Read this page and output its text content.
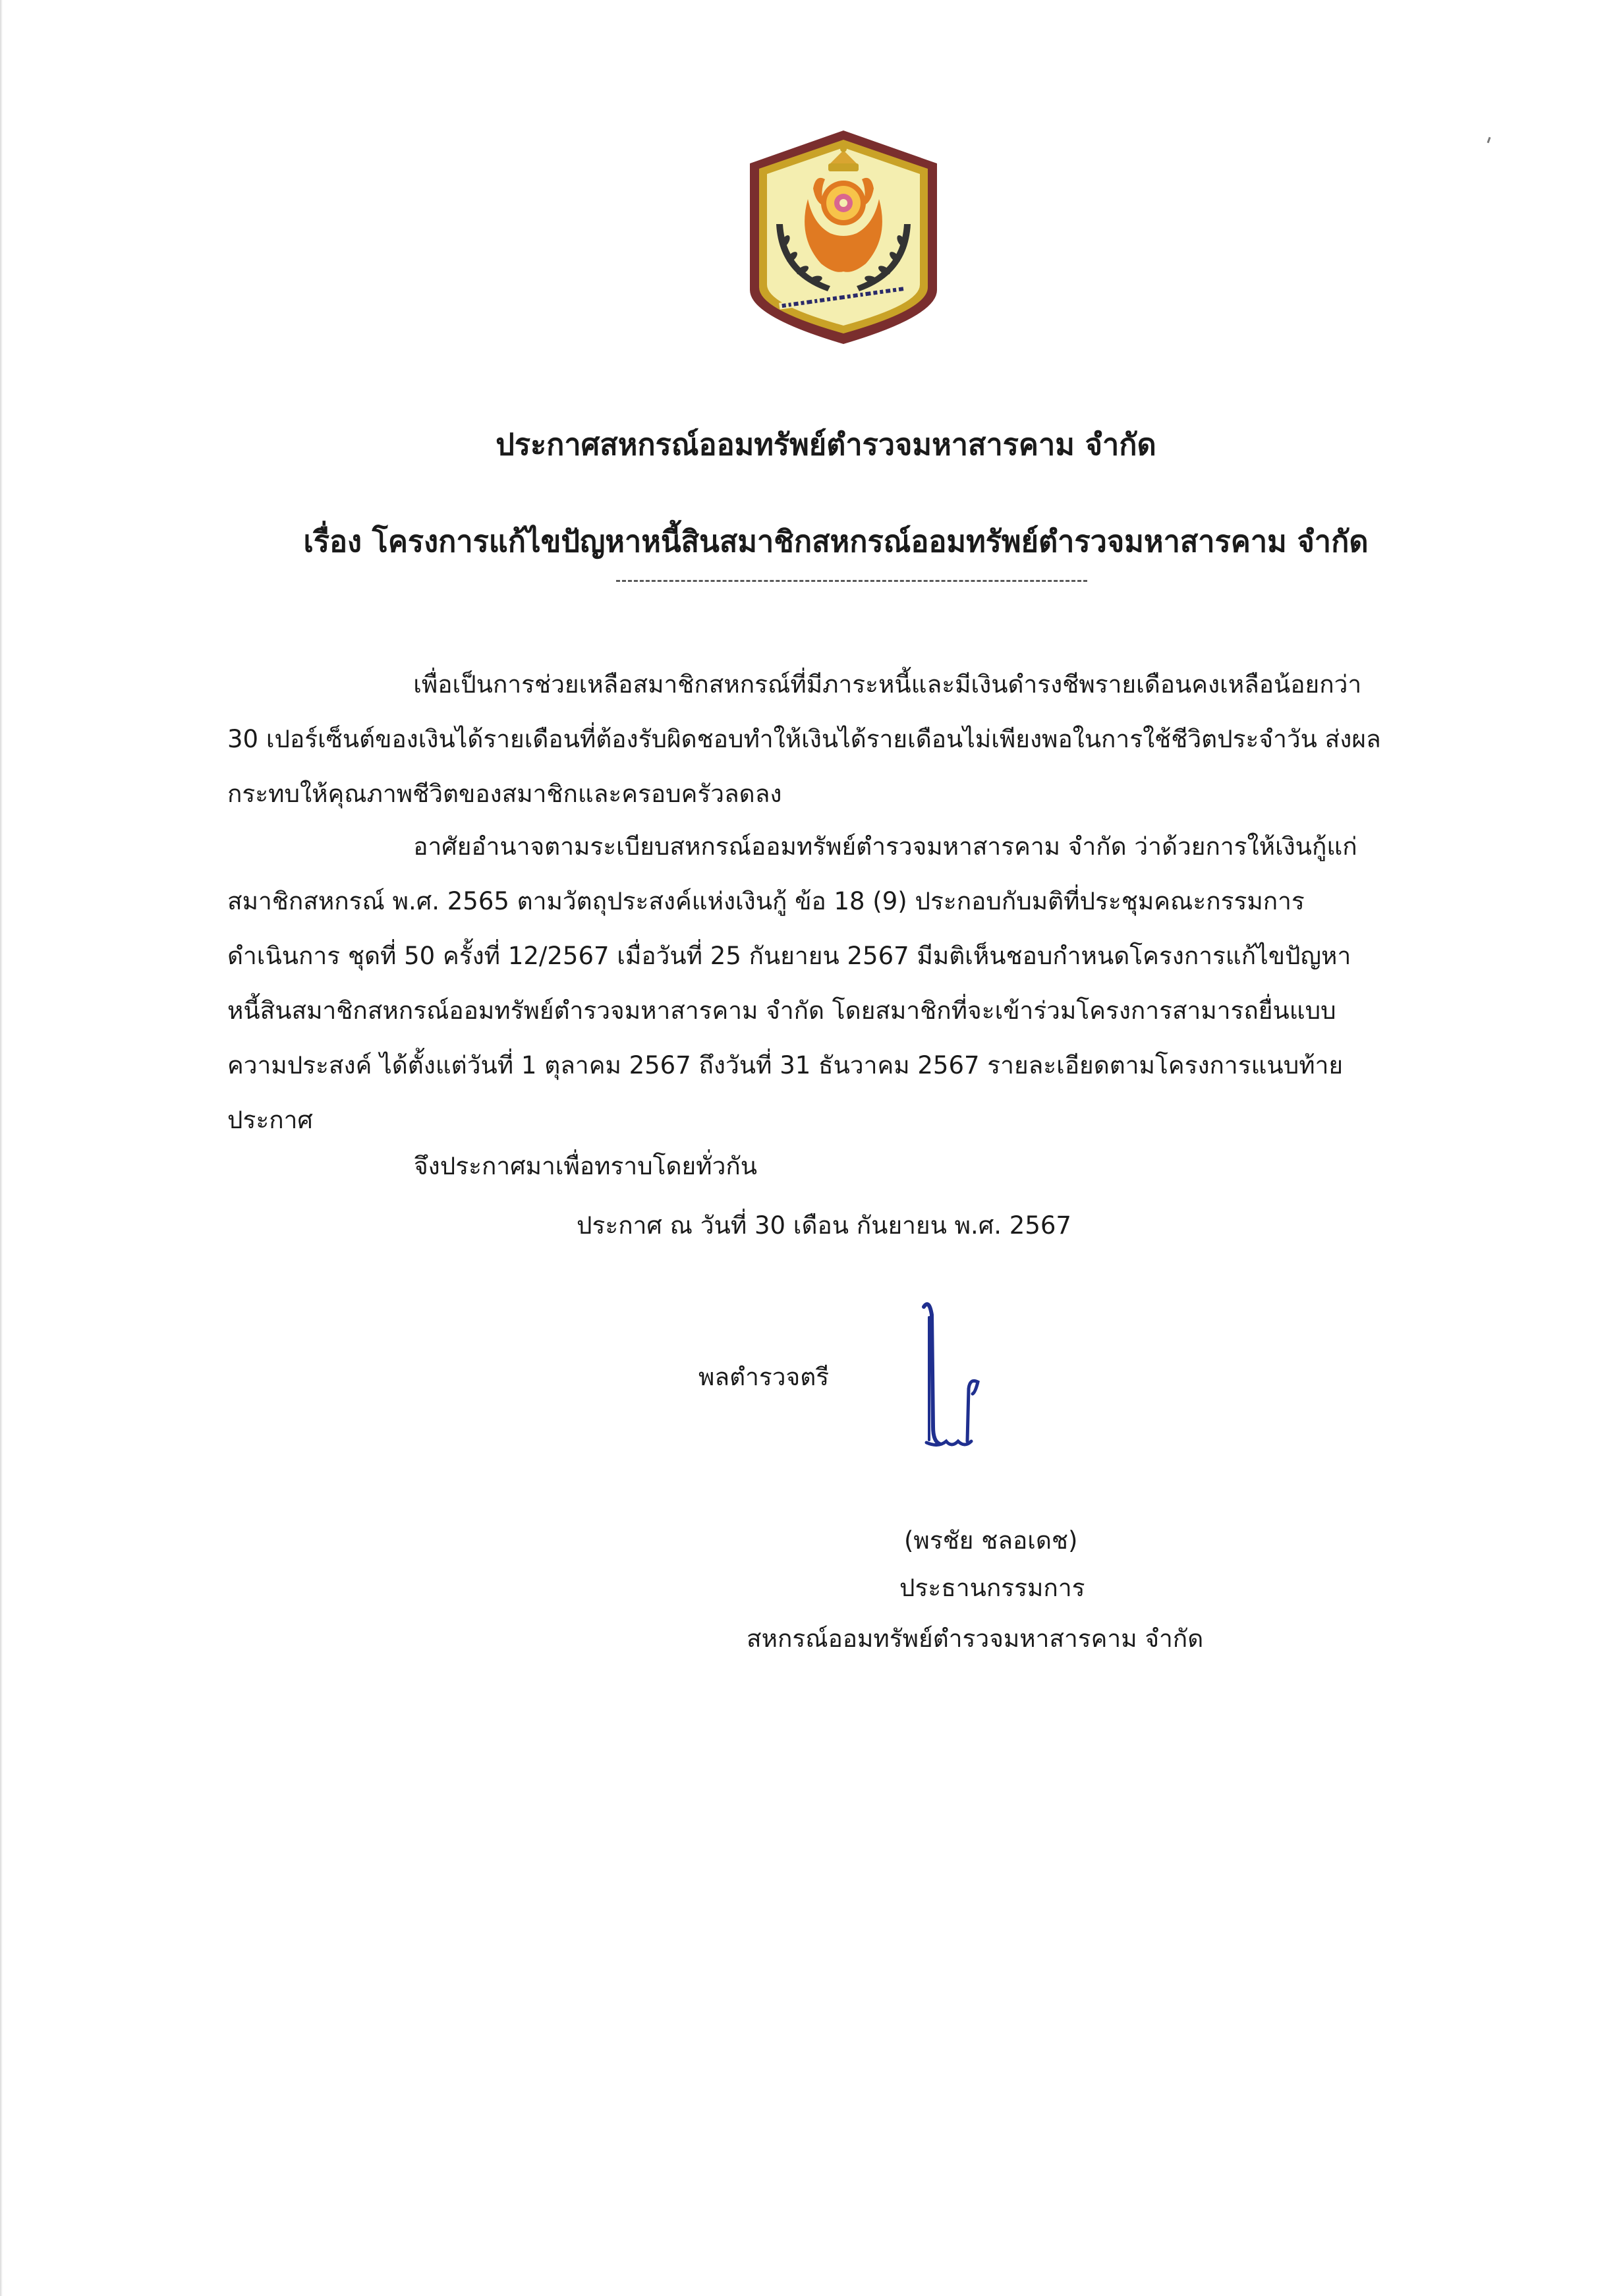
ประกาศสหกรณ์ออมทรัพย์ตำรวจมหาสารคาม จำกัด
เรื่อง โครงการแก้ไขปัญหาหนี้สินสมาชิกสหกรณ์ออมทรัพย์ตำรวจมหาสารคาม จำกัด
เพื่อเป็นการช่วยเหลือสมาชิกสหกรณ์ที่มีภาระหนี้และมีเงินดำรงชีพรายเดือนคงเหลือน้อยกว่า
30 เปอร์เซ็นต์ของเงินได้รายเดือนที่ต้องรับผิดชอบทำให้เงินได้รายเดือนไม่เพียงพอในการใช้ชีวิตประจำวัน ส่งผล
กระทบให้คุณภาพชีวิตของสมาชิกและครอบครัวลดลง
อาศัยอำนาจตามระเบียบสหกรณ์ออมทรัพย์ตำรวจมหาสารคาม จำกัด ว่าด้วยการให้เงินกู้แก่
สมาชิกสหกรณ์ พ.ศ. 2565 ตามวัตถุประสงค์แห่งเงินกู้ ข้อ 18 (9) ประกอบกับมติที่ประชุมคณะกรรมการ
ดำเนินการ ชุดที่ 50 ครั้งที่ 12/2567 เมื่อวันที่ 25 กันยายน 2567 มีมติเห็นชอบกำหนดโครงการแก้ไขปัญหา
หนี้สินสมาชิกสหกรณ์ออมทรัพย์ตำรวจมหาสารคาม จำกัด โดยสมาชิกที่จะเข้าร่วมโครงการสามารถยื่นแบบ
ความประสงค์ ได้ตั้งแต่วันที่ 1 ตุลาคม 2567 ถึงวันที่ 31 ธันวาคม 2567 รายละเอียดตามโครงการแนบท้าย
ประกาศ
จึงประกาศมาเพื่อทราบโดยทั่วกัน
ประกาศ ณ วันที่ 30 เดือน กันยายน พ.ศ. 2567
พลตำรวจตรี
(พรชัย ชลอเดช)
ประธานกรรมการ
สหกรณ์ออมทรัพย์ตำรวจมหาสารคาม จำกัด
